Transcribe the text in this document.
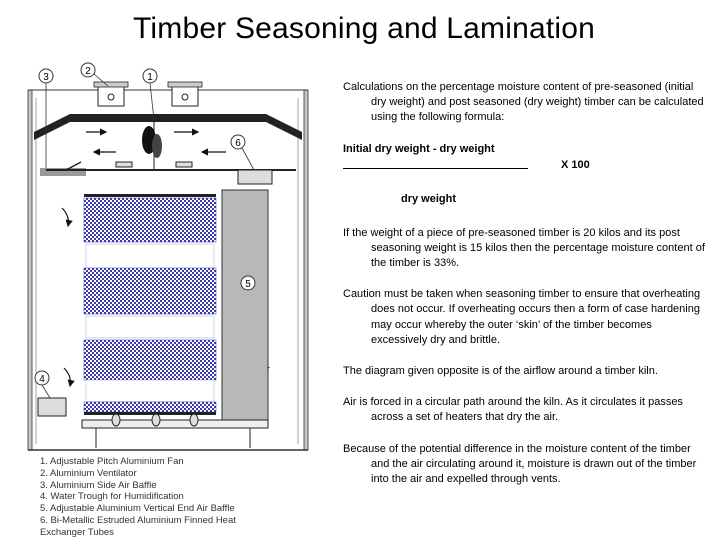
Timber Seasoning and Lamination
1
2
3
4
5
6
1. Adjustable Pitch Aluminium Fan
2. Aluminium Ventilator
3. Aluminium Side Air Baffle
4. Water Trough for Humidification
5. Adjustable Aluminium Vertical End Air Baffle
6. Bi-Metallic Estruded Aluminium Finned Heat
Exchanger Tubes

Calculations on the percentage moisture content of pre-seasoned (initial dry weight) and post seasoned (dry weight) timber can be calculated using the following formula:

Initial dry weight - dry weight
X 100
dry weight

If the weight of a piece of pre-seasoned timber is 20 kilos and its post seasoning weight is 15 kilos then the percentage moisture content of the timber is 33%.

Caution must be taken when seasoning timber to ensure that overheating does not occur. If overheating occurs then a form of case hardening may occur whereby the outer ‘skin’ of the timber becomes excessively dry and brittle.

The diagram given opposite is of the airflow around a timber kiln.

Air is forced in a circular path around the kiln. As it circulates it passes across a set of heaters that dry the air.

Because of the potential difference in the moisture content of the timber and the air circulating around it, moisture is drawn out of the timber into the air and expelled through vents.
